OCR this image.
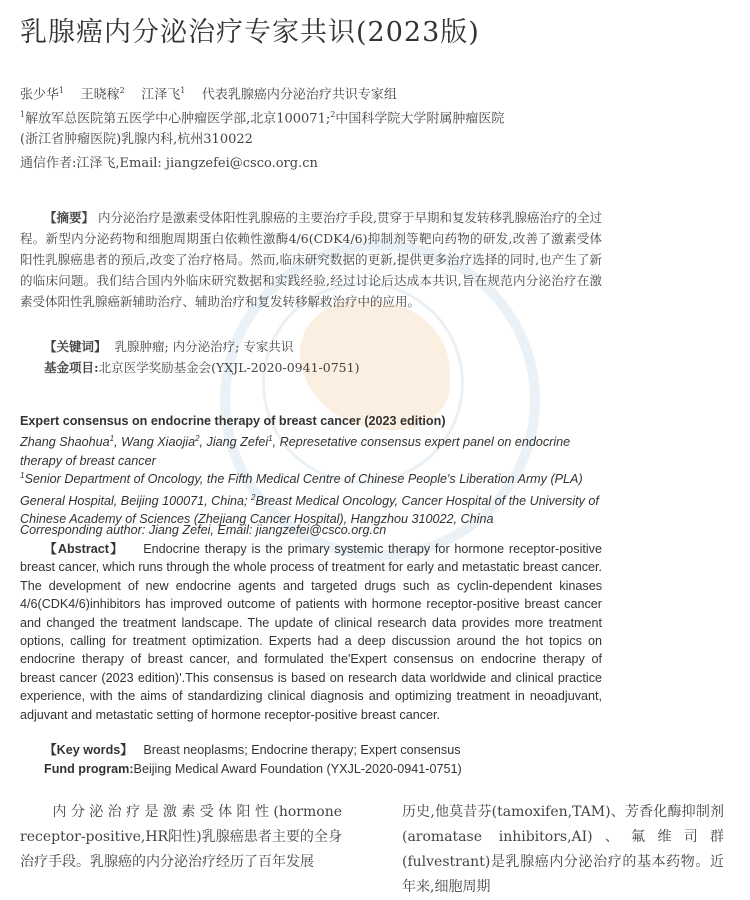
乳腺癌内分泌治疗专家共识(2023版)
张少华$^1$ 王晓稼$^2$ 江泽飞$^1$ 代表乳腺癌内分泌治疗共识专家组
$^1$解放军总医院第五医学中心肿瘤医学部,北京100071;$^2$中国科学院大学附属肿瘤医院
(浙江省肿瘤医院)乳腺内科,杭州310022
通信作者:江泽飞,Email: jiangzefei@csco.org.cn
【摘要】 内分泌治疗是激素受体阳性乳腺癌的主要治疗手段,贯穿于早期和复发转移乳腺癌治疗的全过程。新型内分泌药物和细胞周期蛋白依赖性激酶4/6(CDK4/6)抑制剂等靶向药物的研发,改善了激素受体阳性乳腺癌患者的预后,改变了治疗格局。然而,临床研究数据的更新,提供更多治疗选择的同时,也产生了新的临床问题。我们结合国内外临床研究数据和实践经验,经过讨论后达成本共识,旨在规范内分泌治疗在激素受体阳性乳腺癌新辅助治疗、辅助治疗和复发转移解救治疗中的应用。
【关键词】 乳腺肿瘤; 内分泌治疗; 专家共识
基金项目:北京医学奖励基金会(YXJL-2020-0941-0751)
Expert consensus on endocrine therapy of breast cancer (2023 edition)
Zhang Shaohua$^1$, Wang Xiaojia$^2$, Jiang Zefei$^1$, Represetative consensus expert panel on endocrine therapy of breast cancer
$^1$Senior Department of Oncology, the Fifth Medical Centre of Chinese People's Liberation Army (PLA) General Hospital, Beijing 100071, China; $^2$Breast Medical Oncology, Cancer Hospital of the University of Chinese Academy of Sciences (Zhejiang Cancer Hospital), Hangzhou 310022, China
Corresponding author: Jiang Zefei, Email: jiangzefei@csco.org.cn
【Abstract】 Endocrine therapy is the primary systemic therapy for hormone receptor-positive breast cancer, which runs through the whole process of treatment for early and metastatic breast cancer. The development of new endocrine agents and targeted drugs such as cyclin-dependent kinases 4/6(CDK4/6)inhibitors has improved outcome of patients with hormone receptor-positive breast cancer and changed the treatment landscape. The update of clinical research data provides more treatment options, calling for treatment optimization. Experts had a deep discussion around the hot topics on endocrine therapy of breast cancer, and formulated the'Expert consensus on endocrine therapy of breast cancer (2023 edition)'.This consensus is based on research data worldwide and clinical practice experience, with the aims of standardizing clinical diagnosis and optimizing treatment in neoadjuvant, adjuvant and metastatic setting of hormone receptor-positive breast cancer.
【Key words】 Breast neoplasms; Endocrine therapy; Expert consensus
Fund program:Beijing Medical Award Foundation (YXJL-2020-0941-0751)
内分泌治疗是激素受体阳性(hormone receptor-positive,HR阳性)乳腺癌患者主要的全身治疗手段。乳腺癌的内分泌治疗经历了百年发展
历史,他莫昔芬(tamoxifen,TAM)、芳香化酶抑制剂(aromatase inhibitors,AI)、氟维司群(fulvestrant)是乳腺癌内分泌治疗的基本药物。近年来,细胞周期
